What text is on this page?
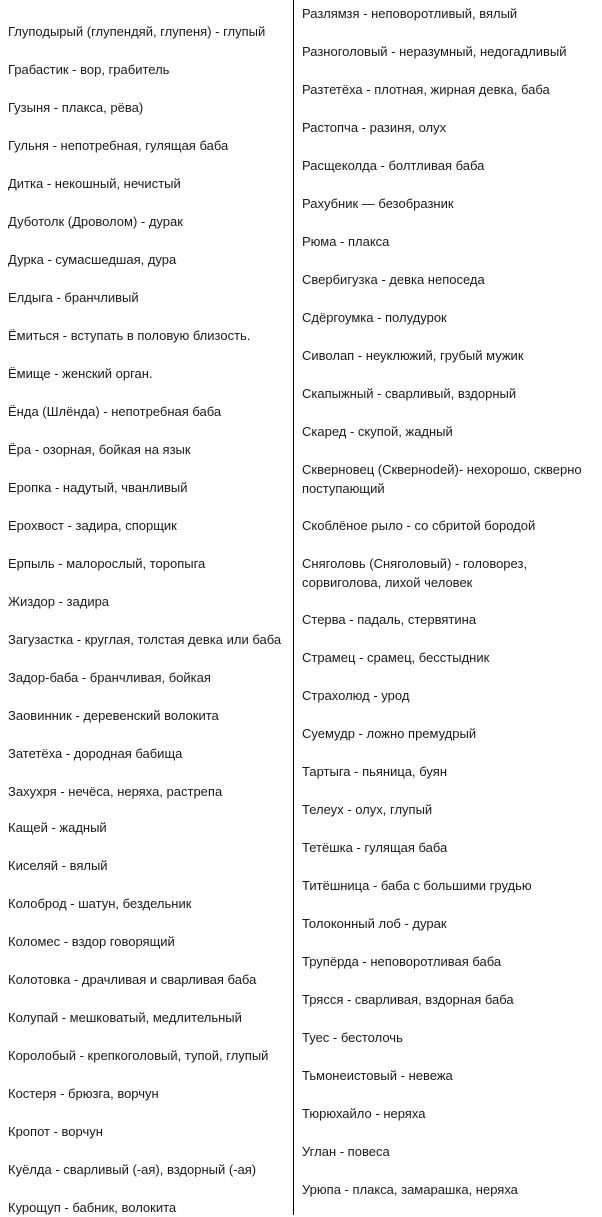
Глуподырый (глупендяй, глупеня) - глупый
Грабастик - вор, грабитель
Гузыня - плакса, рёва)
Гульня - непотребная, гулящая баба
Дитка - некошный, нечистый
Дуботолк (Дроволом) - дурак
Дурка - сумасшедшая, дура
Елдыга - бранчливый
Ёмиться - вступать в половую близость.
Ёмище - женский орган.
Ёнда (Шлёнда) - непотребная баба
Ёра - озорная, бойкая на язык
Еропка - надутый, чванливый
Ерохвост - задира, спорщик
Ерпыль - малорослый, торопыга
Жиздор - задира
Загузастка - круглая, толстая девка или баба
Задор-баба - бранчливая, бойкая
Заовинник - деревенский волокита
Затетёха - дородная бабища
Захухря - нечёса, неряха, растрепа
Кащей - жадный
Киселяй - вялый
Колоброд - шатун, бездельник
Коломес - вздор говорящий
Колотовка - драчливая и сварливая баба
Колупай - мешковатый, медлительный
Королобый - крепкоголовый, тупой, глупый
Костеря - брюзга, ворчун
Кропот - ворчун
Куёлда - сварливый (-ая), вздорный (-ая)
Курощуп - бабник, волокита
Разлямзя - неповоротливый, вялый
Разноголовый - неразумный, недогадливый
Разтетёха - плотная, жирная девка, баба
Растопча - разиня, олух
Расщеколда - болтливая баба
Рахубник — безобразник
Рюма - плакса
Свербигузка - девка непоседа
Сдёргоумка - полудурок
Сиволап - неуклюжий, грубый мужик
Скапыжный - сварливый, вздорный
Скаред - скупой, жадный
Скверновец (Скверноdей)- нехорошо, скверно поступающий
Скоблёное рыло - со сбритой бородой
Сняголовь (Сняголовый) - головорез, сорвиголова, лихой человек
Стерва - падаль, стервятина
Страмец - срамец, бесстыдник
Страхолюд - урод
Суемудр - ложно премудрый
Тартыга - пьяница, буян
Телеух - олух, глупый
Тетёшка - гулящая баба
Титёшница - баба с большими грудью
Толоконный лоб - дурак
Трупёрда - неповоротливая баба
Трясся - сварливая, вздорная баба
Туес - бестолочь
Тьмонеистовый - невежа
Тюрюхайло - неряха
Углан - повеса
Урюпа - плакса, замарашка, неряха
